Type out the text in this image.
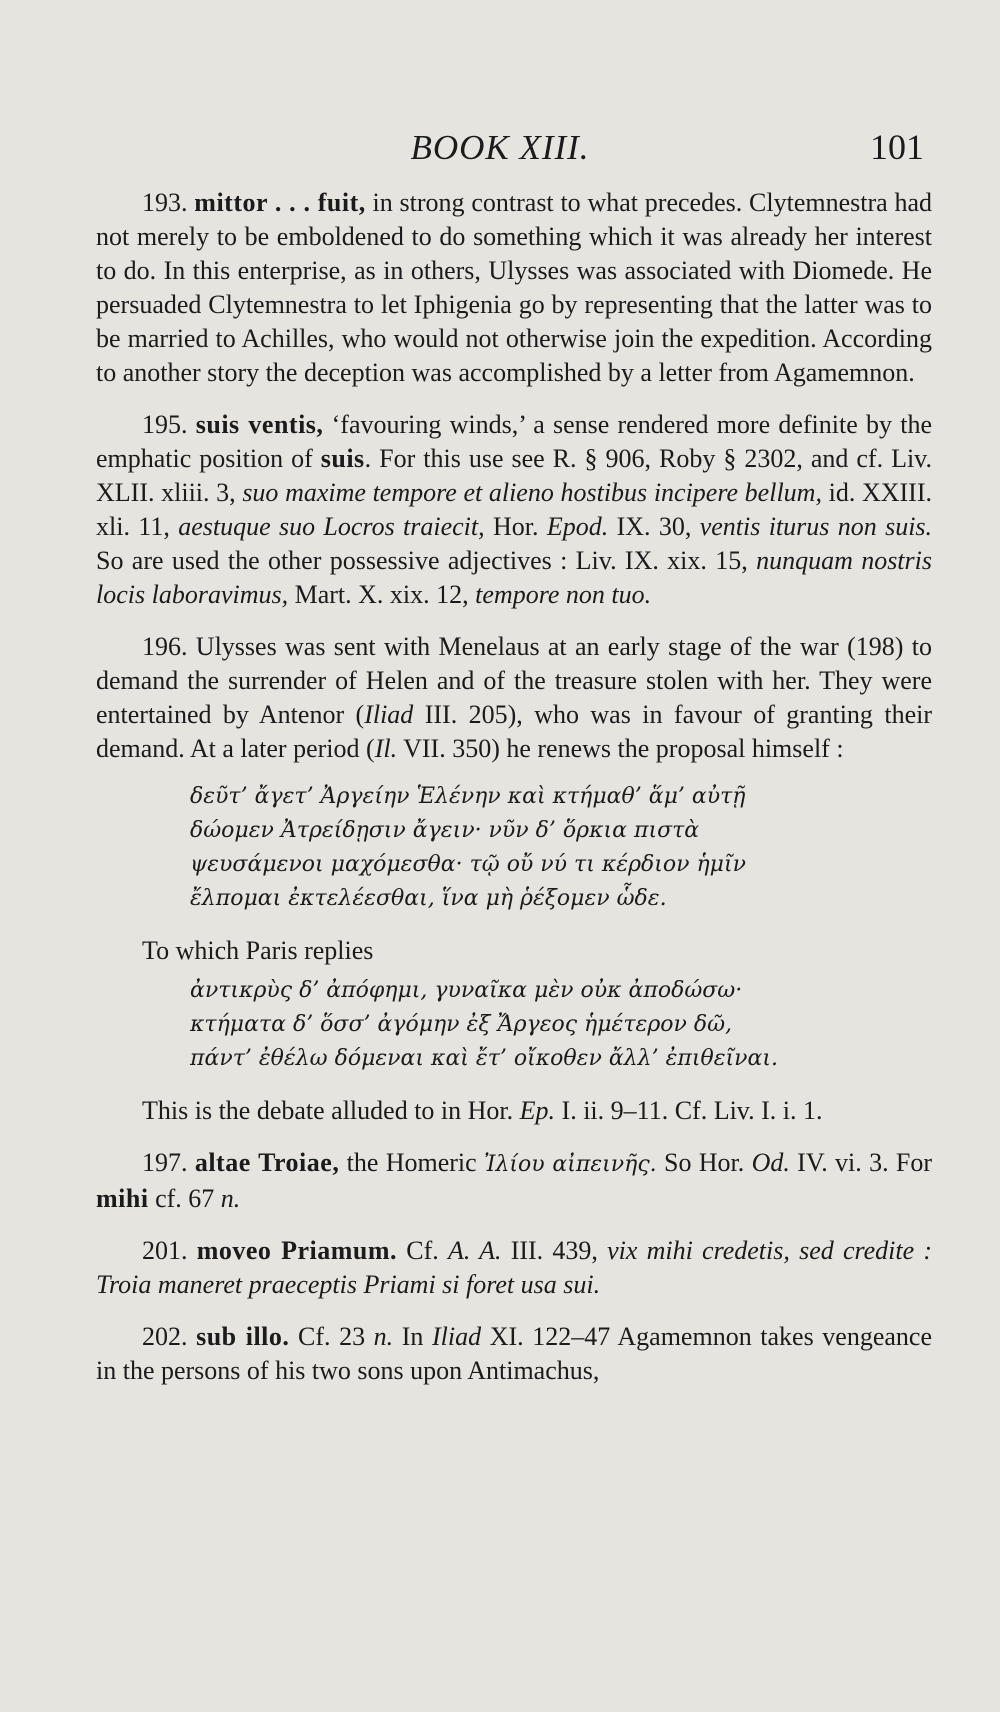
BOOK XIII.	101

193. mittor . . . fuit, in strong contrast to what precedes. Clytemnestra had not merely to be emboldened to do something which it was already her interest to do. In this enterprise, as in others, Ulysses was associated with Diomede. He persuaded Clytemnestra to let Iphigenia go by representing that the latter was to be married to Achilles, who would not otherwise join the expedition. According to another story the deception was accomplished by a letter from Agamemnon.

195. suis ventis, ‘favouring winds,’ a sense rendered more definite by the emphatic position of suis. For this use see R. § 906, Roby § 2302, and cf. Liv. XLII. xliii. 3, suo maxime tempore et alieno hostibus incipere bellum, id. XXIII. xli. 11, aestuque suo Locros traiecit, Hor. Epod. IX. 30, ventis iturus non suis. So are used the other possessive adjectives : Liv. IX. xix. 15, nunquam nostris locis laboravimus, Mart. X. xix. 12, tempore non tuo.

196. Ulysses was sent with Menelaus at an early stage of the war (198) to demand the surrender of Helen and of the treasure stolen with her. They were entertained by Antenor (Iliad III. 205), who was in favour of granting their demand. At a later period (Il. VII. 350) he renews the proposal himself :

δεῦτ’ ἄγετ’ Ἀργείην Ἑλένην καὶ κτήμαθ’ ἅμ’ αὐτῇ
δώομεν Ἀτρείδῃσιν ἄγειν· νῦν δ’ ὅρκια πιστὰ
ψευσάμενοι μαχόμεσθα· τῷ οὔ νύ τι κέρδιον ἡμῖν
ἔλπομαι ἐκτελέεσθαι, ἵνα μὴ ῥέξομεν ὧδε.

To which Paris replies

ἀντικρὺς δ’ ἀπόφημι, γυναῖκα μὲν οὐκ ἀποδώσω·
κτήματα δ’ ὅσσ’ ἀγόμην ἐξ Ἄργεος ἡμέτερον δῶ,
πάντ’ ἐθέλω δόμεναι καὶ ἔτ’ οἴκοθεν ἄλλ’ ἐπιθεῖναι.

This is the debate alluded to in Hor. Ep. I. ii. 9–11. Cf. Liv. I. i. 1.

197. altae Troiae, the Homeric Ἰλίου αἰπεινῆς. So Hor. Od. IV. vi. 3. For mihi cf. 67 n.

201. moveo Priamum. Cf. A. A. III. 439, vix mihi credetis, sed credite : Troia maneret praeceptis Priami si foret usa sui.

202. sub illo. Cf. 23 n. In Iliad XI. 122–47 Agamemnon takes vengeance in the persons of his two sons upon Antimachus,
